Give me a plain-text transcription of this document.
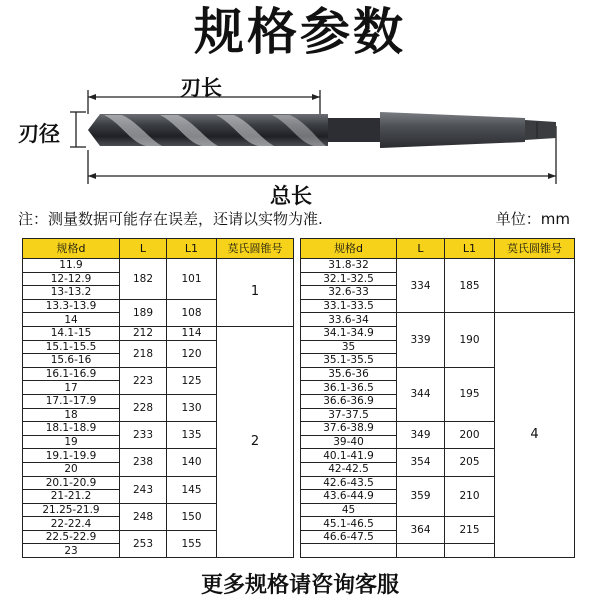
规格参数
刃长
刃径
总长
注：测量数据可能存在误差，还请以实物为准.	单位：mm
规格d	L	L1	莫氏圆锥号
11.9	182	101	1
12-12.9			
13-13.2			
13.3-13.9	189	108	
14			
14.1-15	212	114	2
15.1-15.5	218	120	
15.6-16			
16.1-16.9	223	125	
17			
17.1-17.9	228	130	
18			
18.1-18.9	233	135	
19			
19.1-19.9	238	140	
20			
20.1-20.9	243	145	
21-21.2			
21.25-21.9	248	150	
22-22.4			
22.5-22.9	253	155	
23			
规格d	L	L1	莫氏圆锥号
31.8-32	334	185	
32.1-32.5			
32.6-33			
33.1-33.5			
33.6-34	339	190	4
34.1-34.9			
35			
35.1-35.5			
35.6-36	344	195	
36.1-36.5			
36.6-36.9			
37-37.5			
37.6-38.9	349	200	
39-40			
40.1-41.9	354	205	
42-42.5			
42.6-43.5	359	210	
43.6-44.9			
45			
45.1-46.5	364	215	
46.6-47.5			

更多规格请咨询客服
